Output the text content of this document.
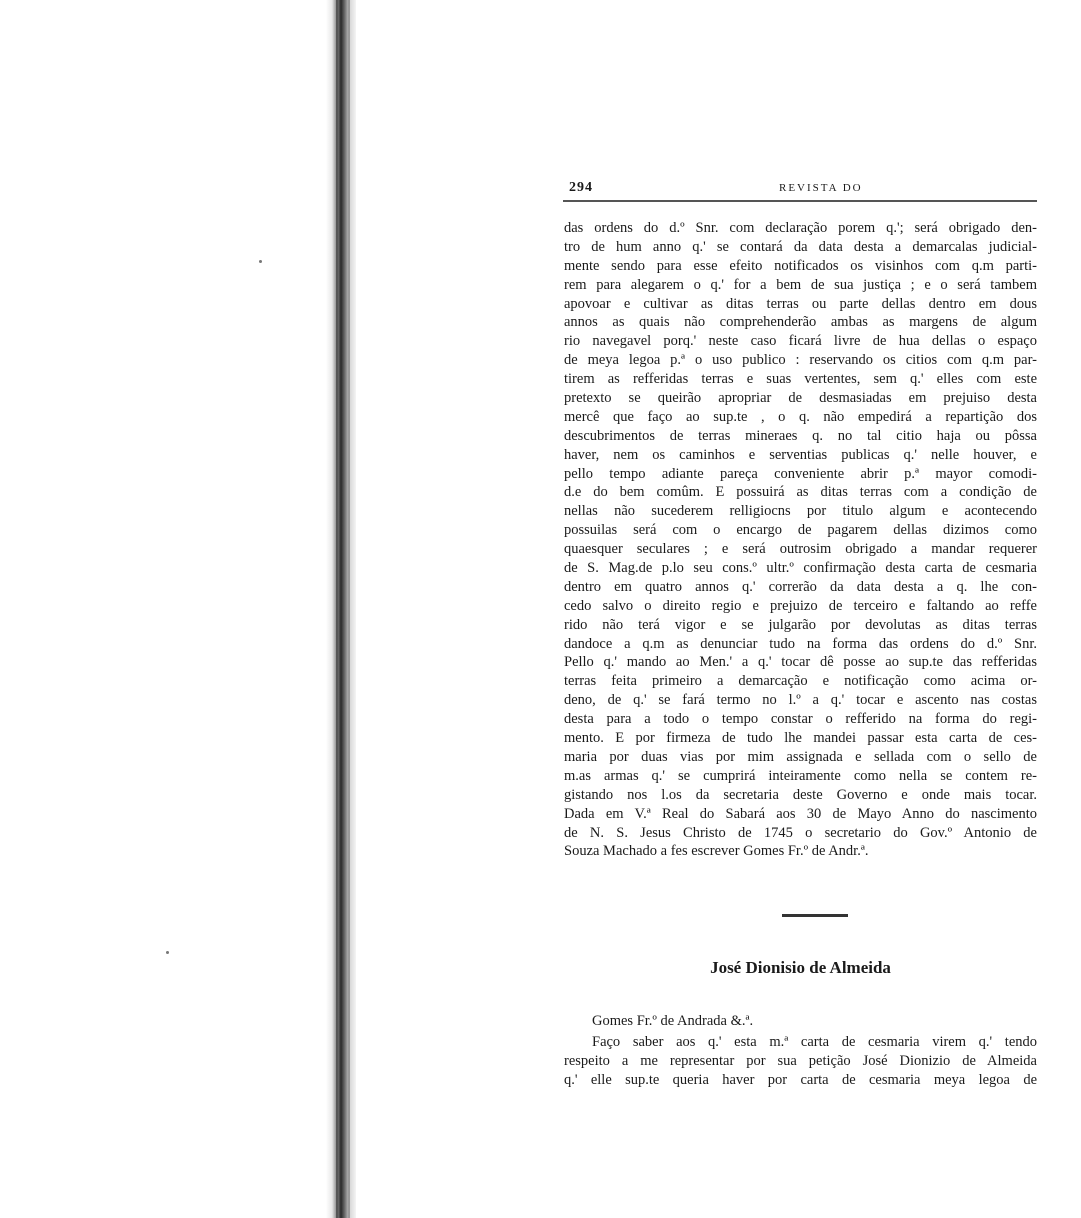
294	REVISTA DO
das ordens do d.º Snr. com declaração porem q.'; será obrigado den-
tro de hum anno q.' se contará da data desta a demarcalas judicial-
mente sendo para esse efeito notificados os visinhos com q.m parti-
rem para alegarem o q.' for a bem de sua justiça ; e o será tambem
apovoar e cultivar as ditas terras ou parte dellas dentro em dous
annos as quais não comprehenderão ambas as margens de algum
rio navegavel porq.' neste caso ficará livre de hua dellas o espaço
de meya legoa p.ª o uso publico : reservando os citios com q.m par-
tirem as refferidas terras e suas vertentes, sem q.' elles com este
pretexto se queirão apropriar de desmasiadas em prejuiso desta
mercê que faço ao sup.te , o q. não empedirá a repartição dos
descubrimentos de terras mineraes q. no tal citio haja ou pôssa
haver, nem os caminhos e serventias publicas q.' nelle houver, e
pello tempo adiante pareça conveniente abrir p.ª mayor comodi-
d.e do bem comûm. E possuirá as ditas terras com a condição de
nellas não sucederem relligiocns por titulo algum e acontecendo
possuilas será com o encargo de pagarem dellas dizimos como
quaesquer seculares ; e será outrosim obrigado a mandar requerer
de S. Mag.de p.lo seu cons.º ultr.º confirmação desta carta de cesmaria
dentro em quatro annos q.' correrão da data desta a q. lhe con-
cedo salvo o direito regio e prejuizo de terceiro e faltando ao reffe
rido não terá vigor e se julgarão por devolutas as ditas terras
dandoce a q.m as denunciar tudo na forma das ordens do d.º Snr.
Pello q.' mando ao Men.' a q.' tocar dê posse ao sup.te das refferidas
terras feita primeiro a demarcação e notificação como acima or-
deno, de q.' se fará termo no l.º a q.' tocar e ascento nas costas
desta para a todo o tempo constar o refferido na forma do regi-
mento. E por firmeza de tudo lhe mandei passar esta carta de ces-
maria por duas vias por mim assignada e sellada com o sello de
m.as armas q.' se cumprirá inteiramente como nella se contem re-
gistando nos l.os da secretaria deste Governo e onde mais tocar.
Dada em V.ª Real do Sabará aos 30 de Mayo Anno do nascimento
de N. S. Jesus Christo de 1745 o secretario do Gov.º Antonio de
Souza Machado a fes escrever Gomes Fr.º de Andr.ª.
José Dionisio de Almeida

Gomes Fr.º de Andrada &.ª.

Faço saber aos q.' esta m.ª carta de cesmaria virem q.' tendo
respeito a me representar por sua petição José Dionizio de Almeida
q.' elle sup.te queria haver por carta de cesmaria meya legoa de
